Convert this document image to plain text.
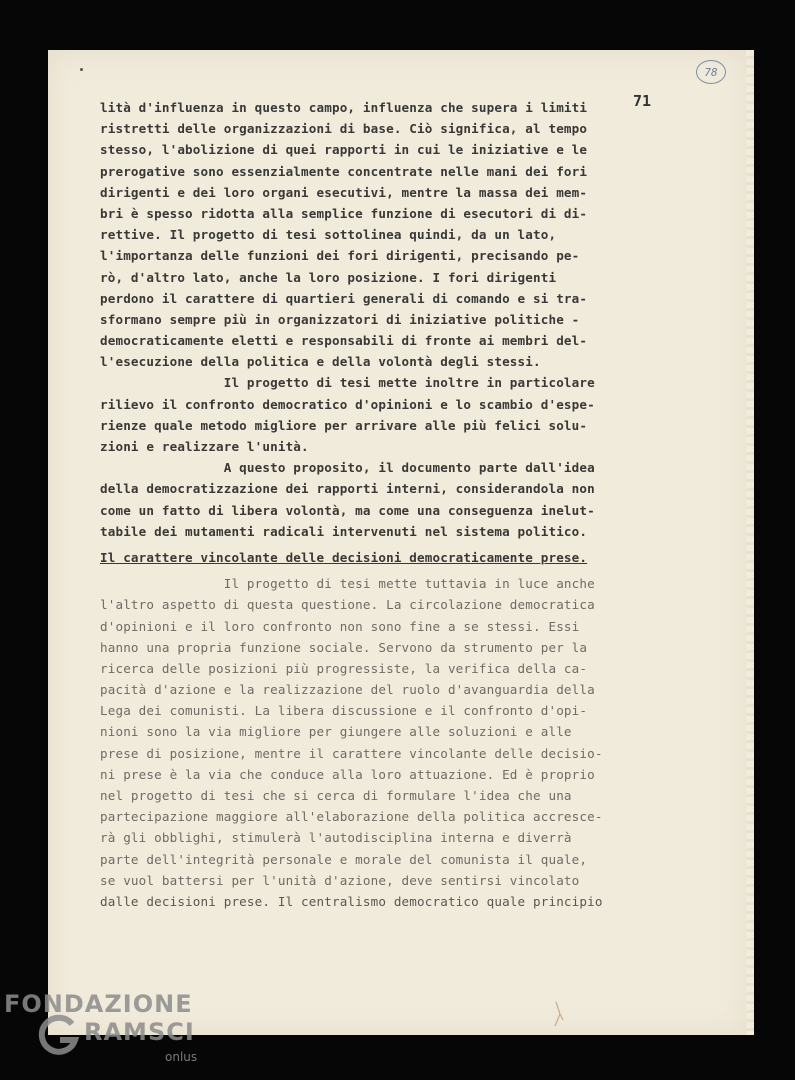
78
71
lità d'influenza in questo campo, influenza che supera i limiti
ristretti delle organizzazioni di base. Ciò significa, al tempo
stesso, l'abolizione di quei rapporti in cui le iniziative e le
prerogative sono essenzialmente concentrate nelle mani dei fori
dirigenti e dei loro organi esecutivi, mentre la massa dei mem-
bri è spesso ridotta alla semplice funzione di esecutori di di-
rettive. Il progetto di tesi sottolinea quindi, da un lato,
l'importanza delle funzioni dei fori dirigenti, precisando pe-
rò, d'altro lato, anche la loro posizione. I fori dirigenti
perdono il carattere di quartieri generali di comando e si tra-
sformano sempre più in organizzatori di iniziative politiche -
democraticamente eletti e responsabili di fronte ai membri del-
l'esecuzione della politica e della volontà degli stessi.
Il progetto di tesi mette inoltre in particolare
rilievo il confronto democratico d'opinioni e lo scambio d'espe-
rienze quale metodo migliore per arrivare alle più felici solu-
zioni e realizzare l'unità.
A questo proposito, il documento parte dall'idea
della democratizzazione dei rapporti interni, considerandola non
come un fatto di libera volontà, ma come una conseguenza inelut-
tabile dei mutamenti radicali intervenuti nel sistema politico.
Il carattere vincolante delle decisioni democraticamente prese.
Il progetto di tesi mette tuttavia in luce anche
l'altro aspetto di questa questione. La circolazione democratica
d'opinioni e il loro confronto non sono fine a se stessi. Essi
hanno una propria funzione sociale. Servono da strumento per la
ricerca delle posizioni più progressiste, la verifica della ca-
pacità d'azione e la realizzazione del ruolo d'avanguardia della
Lega dei comunisti. La libera discussione e il confronto d'opi-
nioni sono la via migliore per giungere alle soluzioni e alle
prese di posizione, mentre il carattere vincolante delle decisio-
ni prese è la via che conduce alla loro attuazione. Ed è proprio
nel progetto di tesi che si cerca di formulare l'idea che una
partecipazione maggiore all'elaborazione della politica accresce-
rà gli obblighi, stimulerà l'autodisciplina interna e diverrà
parte dell'integrità personale e morale del comunista il quale,
se vuol battersi per l'unità d'azione, deve sentirsi vincolato
dalle decisioni prese. Il centralismo democratico quale principio
FONDAZIONE
RAMSCI
onlus
